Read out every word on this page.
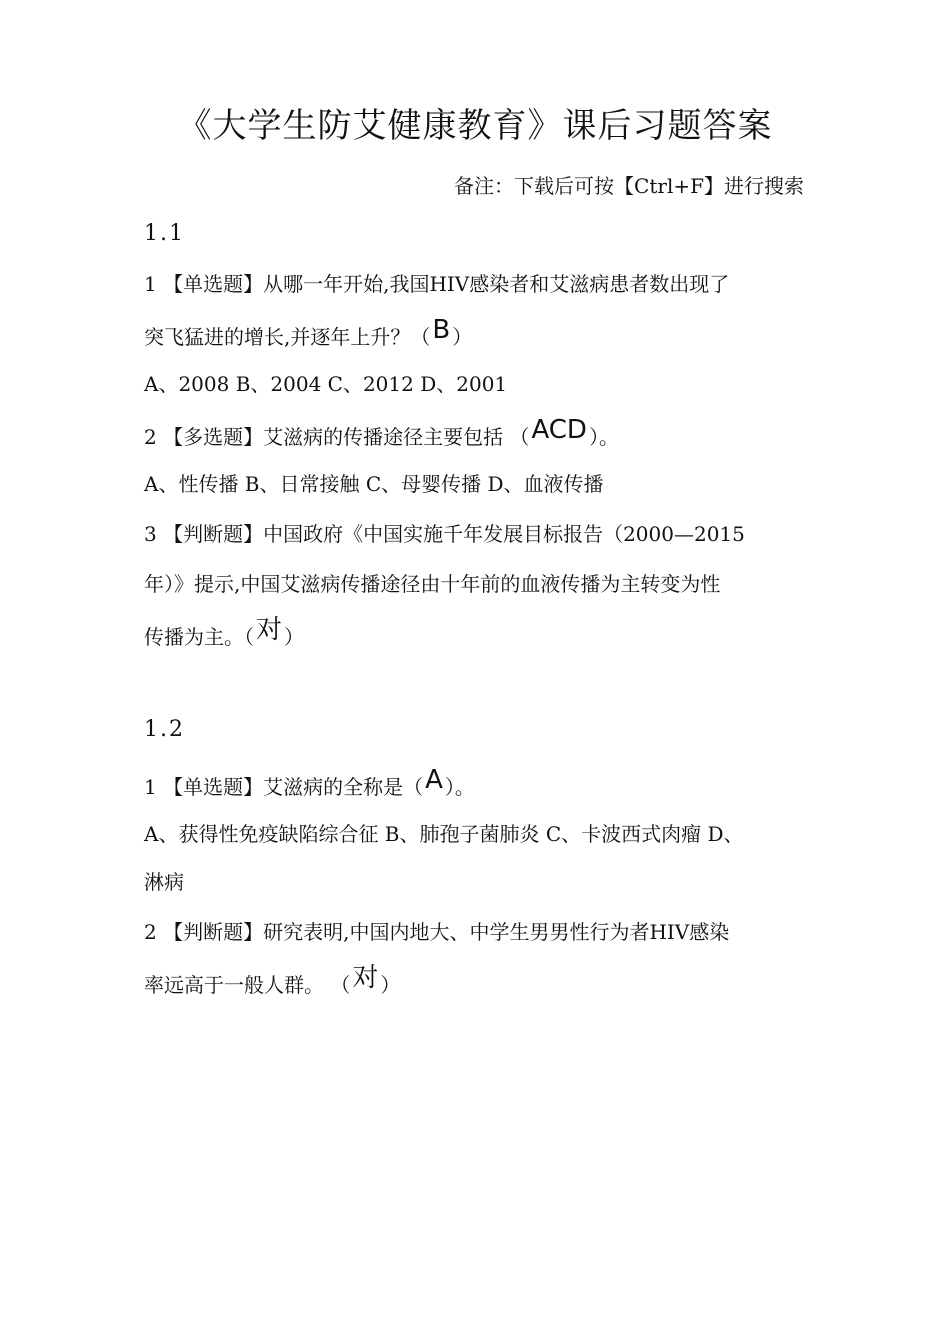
《大学生防艾健康教育》课后习题答案
备注：下载后可按【Ctrl+F】进行搜索
1.1
1 【单选题】从哪一年开始,我国HIV感染者和艾滋病患者数出现了
突飞猛进的增长,并逐年上升？（B ）
A、2008 B、2004 C、2012 D、2001
2 【多选题】艾滋病的传播途径主要包括 （ACD ）。
A、性传播 B、日常接触 C、母婴传播 D、血液传播
3 【判断题】中国政府《中国实施千年发展目标报告（2000—2015
年）》提示,中国艾滋病传播途径由十年前的血液传播为主转变为性
传播为主。（对 ）
1.2
1 【单选题】艾滋病的全称是（A ）。
A、获得性免疫缺陷综合征 B、肺孢子菌肺炎 C、卡波西式肉瘤 D、
淋病
2 【判断题】研究表明,中国内地大、中学生男男性行为者HIV感染
率远高于一般人群。 （对 ）
